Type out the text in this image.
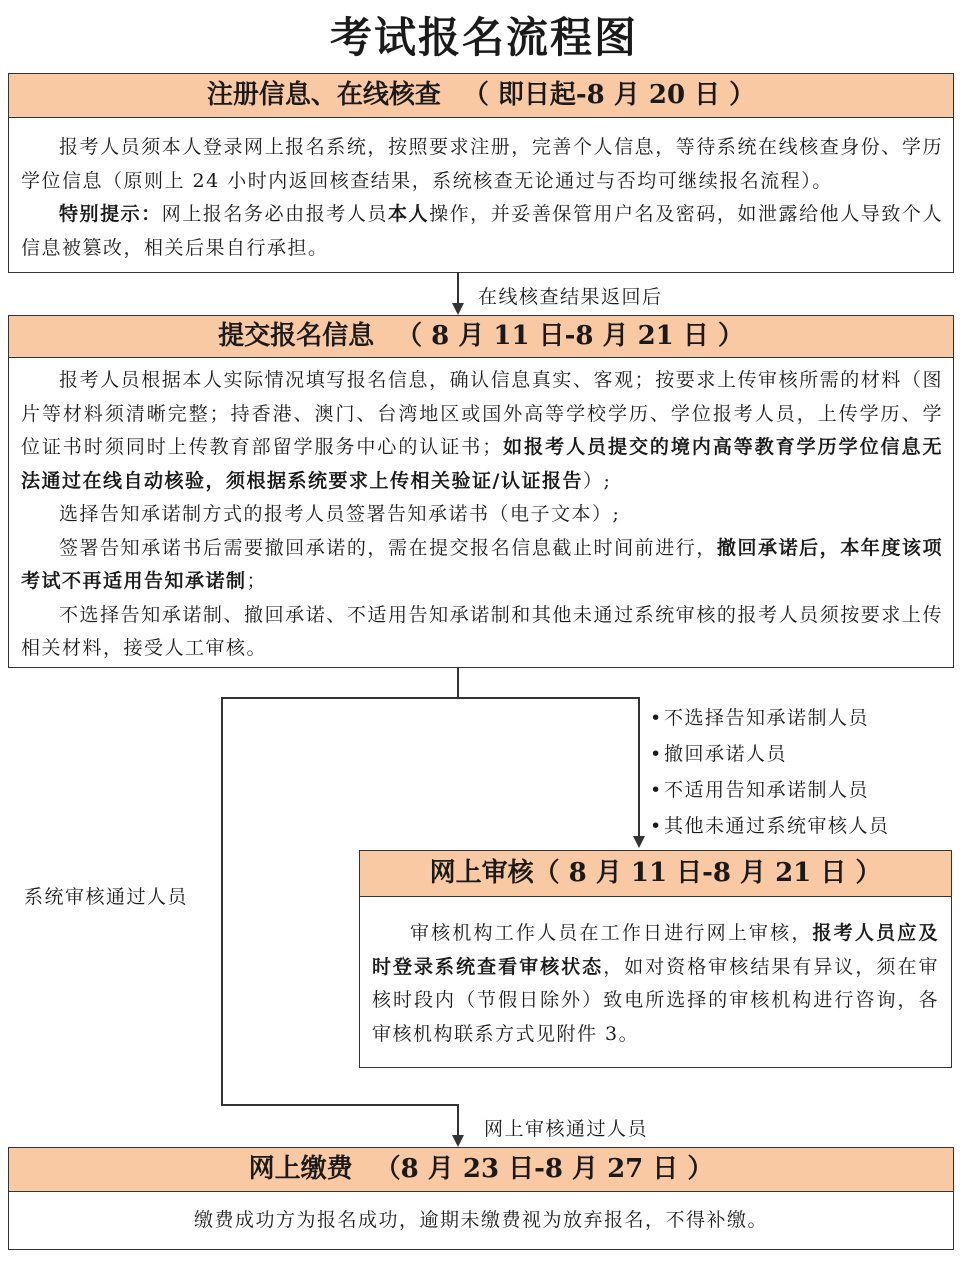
考试报名流程图
注册信息、在线核查 （ 即日起-8 月 20 日 ）

报考人员须本人登录网上报名系统，按照要求注册，完善个人信息，等待系统在线核查身份、学历学位信息（原则上 24 小时内返回核查结果，系统核查无论通过与否均可继续报名流程）。

特别提示：网上报名务必由报考人员本人操作，并妥善保管用户名及密码，如泄露给他人导致个人信息被篡改，相关后果自行承担。

在线核查结果返回后
提交报名信息 （ 8 月 11 日-8 月 21 日 ）

报考人员根据本人实际情况填写报名信息，确认信息真实、客观；按要求上传审核所需的材料（图片等材料须清晰完整；持香港、澳门、台湾地区或国外高等学校学历、学位报考人员，上传学历、学位证书时须同时上传教育部留学服务中心的认证书；如报考人员提交的境内高等教育学历学位信息无法通过在线自动核验，须根据系统要求上传相关验证/认证报告）;

选择告知承诺制方式的报考人员签署告知承诺书（电子文本）;

签署告知承诺书后需要撤回承诺的，需在提交报名信息截止时间前进行，撤回承诺后，本年度该项考试不再适用告知承诺制；

不选择告知承诺制、撤回承诺、不适用告知承诺制和其他未通过系统审核的报考人员须按要求上传相关材料，接受人工审核。

系统审核通过人员
• 不选择告知承诺制人员
• 撤回承诺人员
• 不适用告知承诺制人员
• 其他未通过系统审核人员
网上审核（ 8 月 11 日-8 月 21 日 ）

审核机构工作人员在工作日进行网上审核，报考人员应及时登录系统查看审核状态，如对资格审核结果有异议，须在审核时段内（节假日除外）致电所选择的审核机构进行咨询，各审核机构联系方式见附件 3。

网上审核通过人员
网上缴费 （8 月 23 日-8 月 27 日 ）
缴费成功方为报名成功，逾期未缴费视为放弃报名，不得补缴。
